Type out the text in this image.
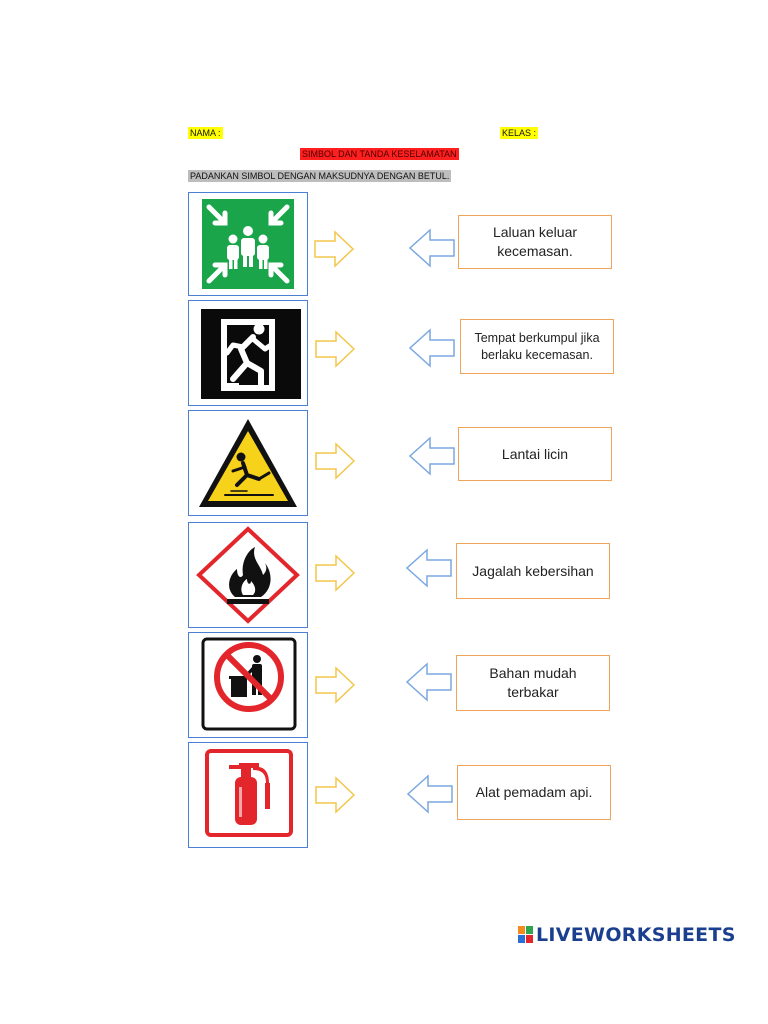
NAMA :	KELAS :
SIMBOL DAN TANDA KESELAMATAN
PADANKAN SIMBOL DENGAN MAKSUDNYA DENGAN BETUL.
Laluan keluar kecemasan.
Tempat berkumpul jika berlaku kecemasan.
Lantai licin
Jagalah kebersihan
Bahan mudah terbakar
Alat pemadam api.
LIVEWORKSHEETS
